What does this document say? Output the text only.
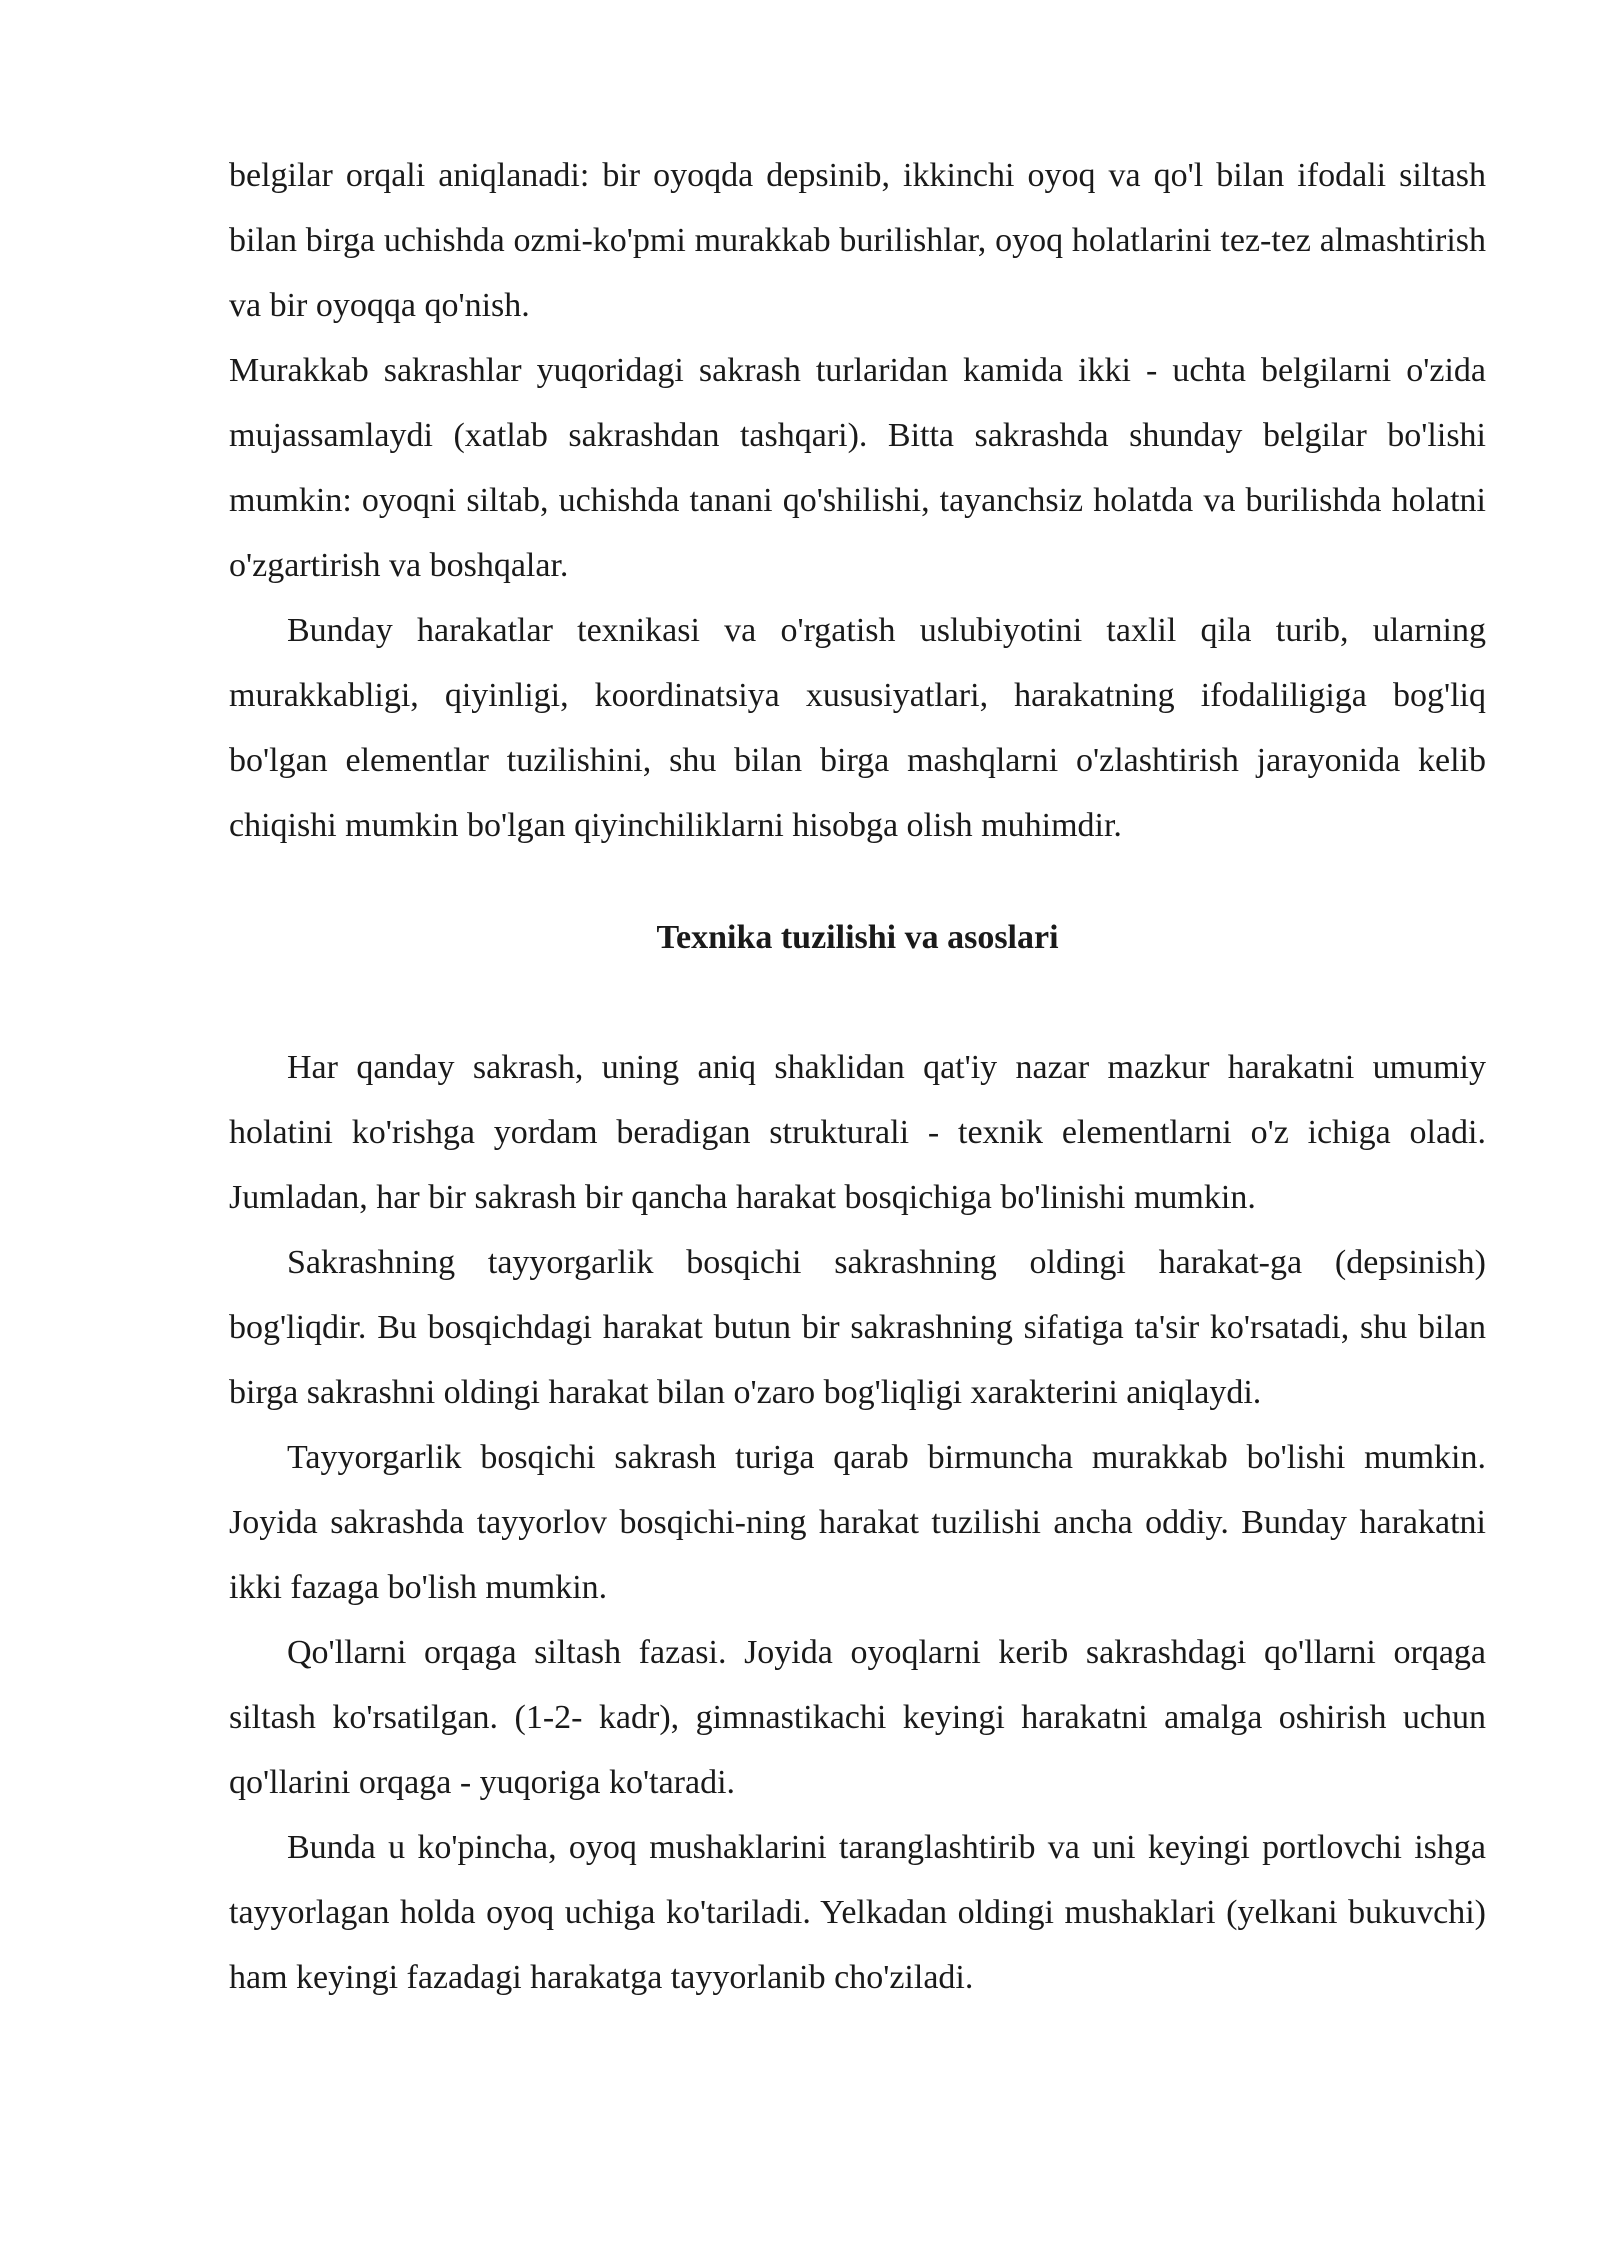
belgilar orqali aniqlanadi: bir oyoqda depsinib, ikkinchi oyoq va qo'l bilan ifodali siltash bilan birga uchishda ozmi-ko'pmi murakkab burilishlar, oyoq holatlarini tez-tez almashtirish va bir oyoqqa qo'nish.

Murakkab sakrashlar yuqoridagi sakrash turlaridan kamida ikki - uchta belgilarni o'zida mujassamlaydi (xatlab sakrashdan tashqari). Bitta sakrashda shunday belgilar bo'lishi mumkin: oyoqni siltab, uchishda tanani qo'shilishi, tayanchsiz holatda va burilishda holatni o'zgartirish va boshqalar.

Bunday harakatlar texnikasi va o'rgatish uslubiyotini taxlil qila turib, ularning murakkabligi, qiyinligi, koordinatsiya xususiyatlari, harakatning ifodaliligiga bog'liq bo'lgan elementlar tuzilishini, shu bilan birga mashqlarni o'zlashtirish jarayonida kelib chiqishi mumkin bo'lgan qiyinchiliklarni hisobga olish muhimdir.

Texnika tuzilishi va asoslari

Har qanday sakrash, uning aniq shaklidan qat'iy nazar mazkur harakatni umumiy holatini ko'rishga yordam beradigan strukturali - texnik elementlarni o'z ichiga oladi. Jumladan, har bir sakrash bir qancha harakat bosqichiga bo'linishi mumkin.

Sakrashning tayyorgarlik bosqichi sakrashning oldingi harakat-ga (depsinish) bog'liqdir. Bu bosqichdagi harakat butun bir sakrashning sifatiga ta'sir ko'rsatadi, shu bilan birga sakrashni oldingi harakat bilan o'zaro bog'liqligi xarakterini aniqlaydi.

Tayyorgarlik bosqichi sakrash turiga qarab birmuncha murakkab bo'lishi mumkin. Joyida sakrashda tayyorlov bosqichi-ning harakat tuzilishi ancha oddiy. Bunday harakatni ikki fazaga bo'lish mumkin.

Qo'llarni orqaga siltash fazasi. Joyida oyoqlarni kerib sakrashdagi qo'llarni orqaga siltash ko'rsatilgan. (1-2- kadr), gimnastikachi keyingi harakatni amalga oshirish uchun qo'llarini orqaga - yuqoriga ko'taradi.

Bunda u ko'pincha, oyoq mushaklarini taranglashtirib va uni keyingi portlovchi ishga tayyorlagan holda oyoq uchiga ko'tariladi. Yelkadan oldingi mushaklari (yelkani bukuvchi) ham keyingi fazadagi harakatga tayyorlanib cho'ziladi.
